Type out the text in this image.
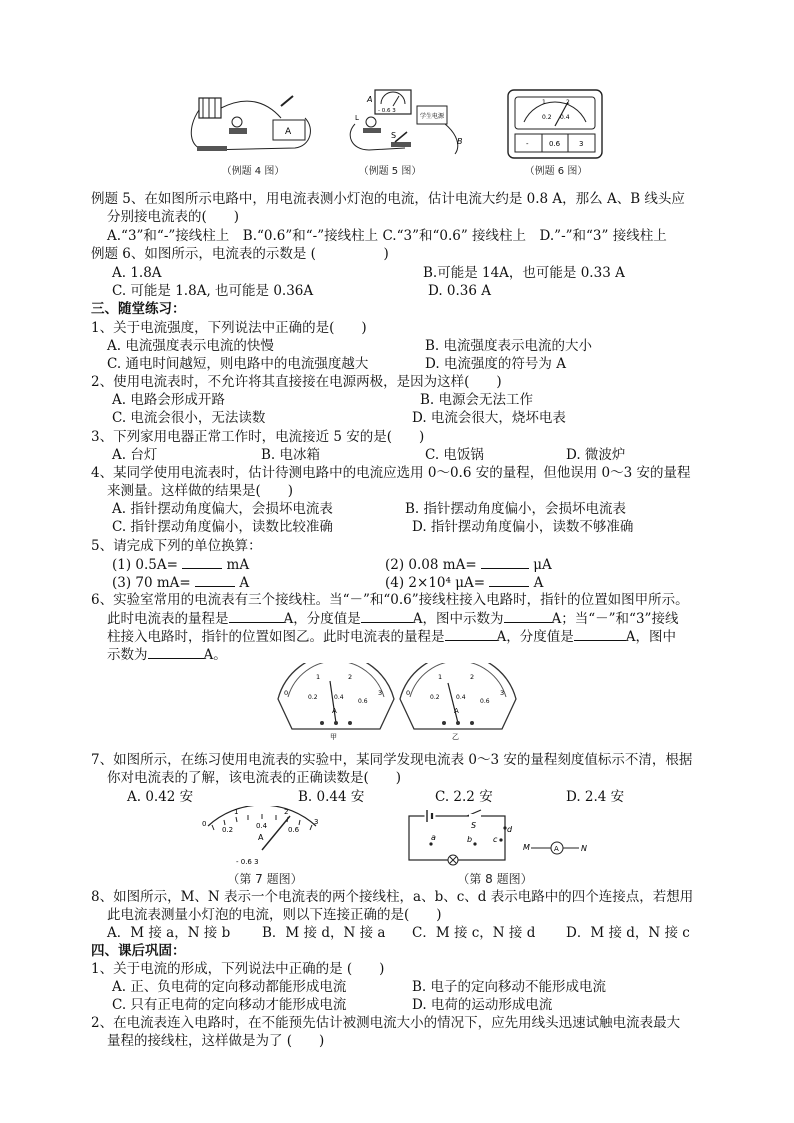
A
（例题 4 图）
A
B
S
L	学生电源
- 0.6 3
（例题 5 图）
0.2 0.4
1	2
-	0.6	3
（例题 6 图）
例题 5、在如图所示电路中，用电流表测小灯泡的电流，估计电流大约是 0.8 A，那么 A、B 线头应
分别接电流表的(　　)
A.“3”和“-”接线柱上　B.“0.6”和“-”接线柱上 C.“3”和“0.6” 接线柱上　D.”-”和“3” 接线柱上
例题 6、如图所示，电流表的示数是 (　　　　　)
A. 1.8A	B.可能是 14A，也可能是 0.33 A
C. 可能是 1.8A, 也可能是 0.36A	D. 0.36 A
三、随堂练习：
1、关于电流强度，下列说法中正确的是(　　)
A. 电流强度表示电流的快慢	B. 电流强度表示电流的大小
C. 通电时间越短，则电路中的电流强度越大	D. 电流强度的符号为 A
2、使用电流表时，不允许将其直接接在电源两极，是因为这样(　　)
A. 电路会形成开路	B. 电源会无法工作
C. 电流会很小，无法读数	D. 电流会很大，烧坏电表
3、下列家用电器正常工作时，电流接近 5 安的是(　　)
A. 台灯	B. 电冰箱	C. 电饭锅	D. 微波炉
4、某同学使用电流表时，估计待测电路中的电流应选用 0～0.6 安的量程，但他误用 0～3 安的量程
来测量。这样做的结果是(　　)
A. 指针摆动角度偏大，会损坏电流表	B. 指针摆动角度偏小，会损坏电流表
C. 指针摆动角度偏小，读数比较准确	D. 指针摆动角度偏小，读数不够准确
5、请完成下列的单位换算：
(1) 0.5A=	mA	(2) 0.08 mA=	μA
(3) 70 mA=	A	(4) 2×10⁴ μA=	A
6、实验室常用的电流表有三个接线柱。当“－”和“0.6”接线柱接入电路时，指针的位置如图甲所示。
此时电流表的量程是	A，分度值是	A，图中示数为	A；当“－”和“3”接线
柱接入电路时，指针的位置如图乙。此时电流表的量程是	A，分度值是	A，图中
示数为	A。
0
1	2
3
0.2	0.4
0.6
A
甲
0
1	2
3
0.2	0.4
0.6
A
乙
7、如图所示，在练习使用电流表的实验中，某同学发现电流表 0～3 安的量程刻度值标示不清，根据
你对电流表的了解，该电流表的正确读数是(　　)
A. 0.42 安	B. 0.44 安	C. 2.2 安	D. 2.4 安
0
0.2	0.4	0.6
1	2
3
A
- 0.6 3
（第 7 题图）
S
a	b	c
d
M	A	N
（第 8 题图）
8、如图所示，M、N 表示一个电流表的两个接线柱，a、b、c、d 表示电路中的四个连接点，若想用
此电流表测量小灯泡的电流，则以下连接正确的是(　　)
A．M 接 a，N 接 b B．M 接 d，N 接 a C．M 接 c，N 接 d D．M 接 d，N 接 c
四、课后巩固：
1、关于电流的形成，下列说法中正确的是 (　　)
A. 正、负电荷的定向移动都能形成电流	B. 电子的定向移动不能形成电流
C. 只有正电荷的定向移动才能形成电流	D. 电荷的运动形成电流
2、在电流表连入电路时，在不能预先估计被测电流大小的情况下，应先用线头迅速试触电流表最大
量程的接线柱，这样做是为了 (　　)
